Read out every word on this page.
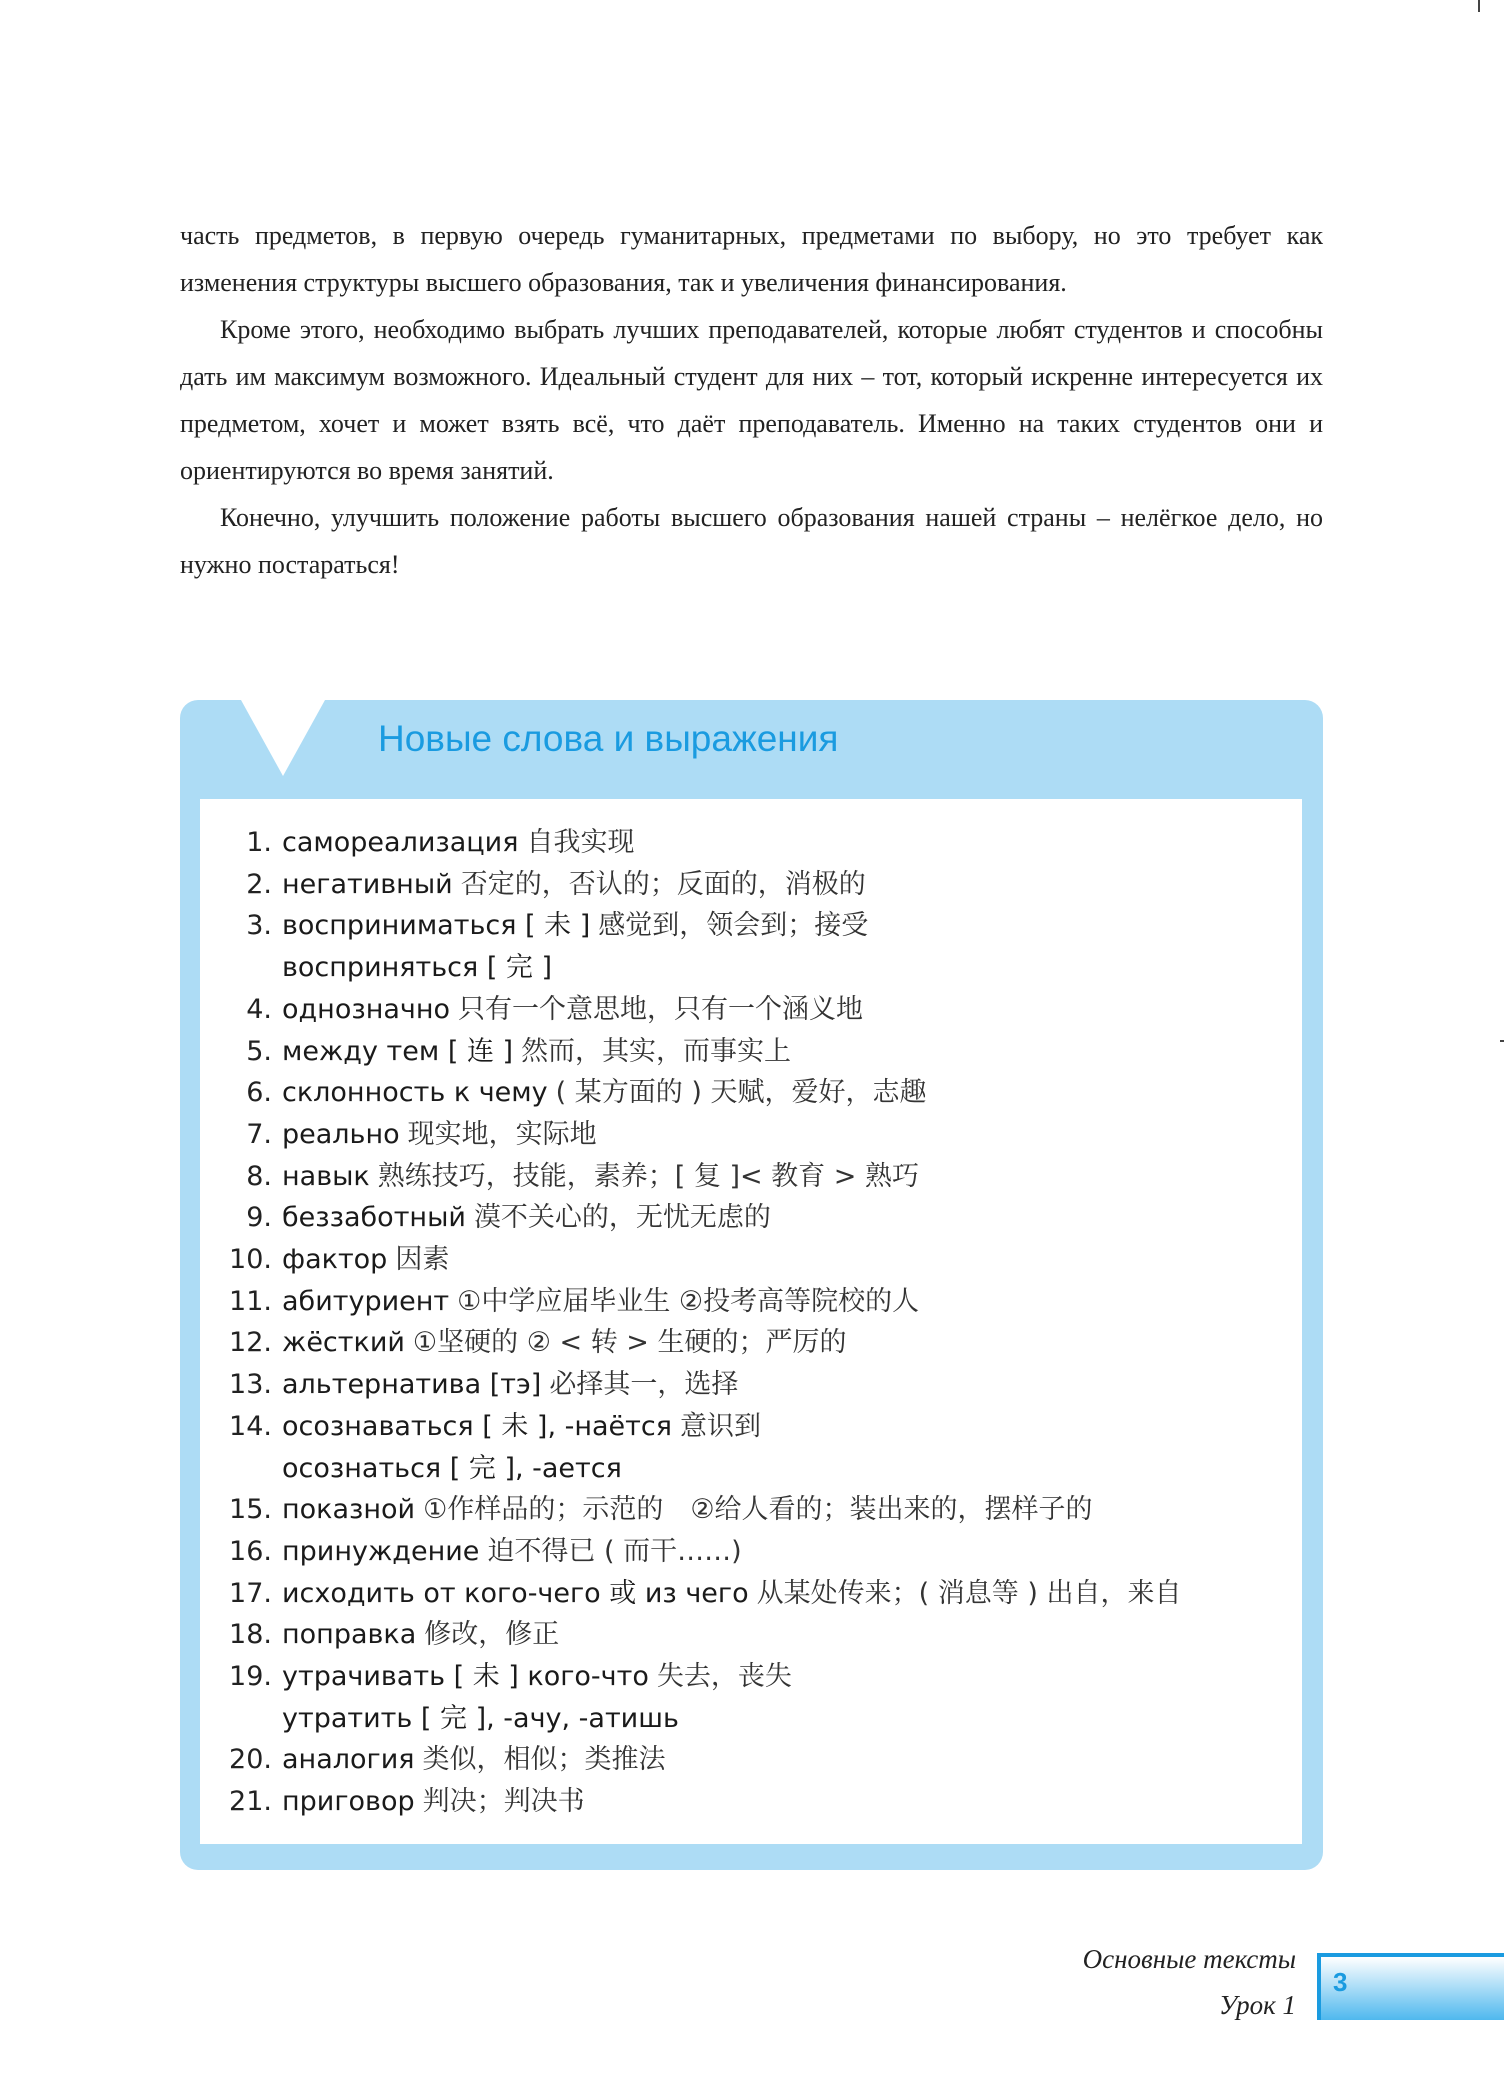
часть предметов, в первую очередь гуманитарных, предметами по выбору, но это требует как изменения структуры высшего образования, так и увеличения финансирования.

Кроме этого, необходимо выбрать лучших преподавателей, которые любят студентов и способны дать им максимум возможного. Идеальный студент для них – тот, который искренне интересуется их предметом, хочет и может взять всё, что даёт преподаватель. Именно на таких студентов они и ориентируются во время занятий.

Конечно, улучшить положение работы высшего образования нашей страны – нелёгкое дело, но нужно постараться!

Новые слова и выражения
1. самореализация 自我实现
2. негативный 否定的，否认的；反面的，消极的
3. восприниматься [ 未 ] 感觉到，领会到；接受
восприняться [ 完 ]
4. однозначно 只有一个意思地，只有一个涵义地
5. между тем [ 连 ] 然而，其实，而事实上
6. склонность к чему ( 某方面的 ) 天赋，爱好，志趣
7. реально 现实地，实际地
8. навык 熟练技巧，技能，素养；[ 复 ]< 教育 > 熟巧
9. беззаботный 漠不关心的，无忧无虑的
10. фактор 因素
11. абитуриент ①中学应届毕业生 ②投考高等院校的人
12. жёсткий ①坚硬的 ② < 转 > 生硬的；严厉的
13. альтернатива [тэ] 必择其一，选择
14. осознаваться [ 未 ], -наётся 意识到
осознаться [ 完 ], -ается
15. показной ①作样品的；示范的　②给人看的；装出来的，摆样子的
16. принуждение 迫不得已 ( 而干……)
17. исходить от кого-чего 或 из чего 从某处传来；( 消息等 ) 出自，来自
18. поправка 修改，修正
19. утрачивать [ 未 ] кого-что 失去，丧失
утратить [ 完 ], -ачу, -атишь
20. аналогия 类似，相似；类推法
21. приговор 判决；判决书
Основные тексты
Урок 1
3
